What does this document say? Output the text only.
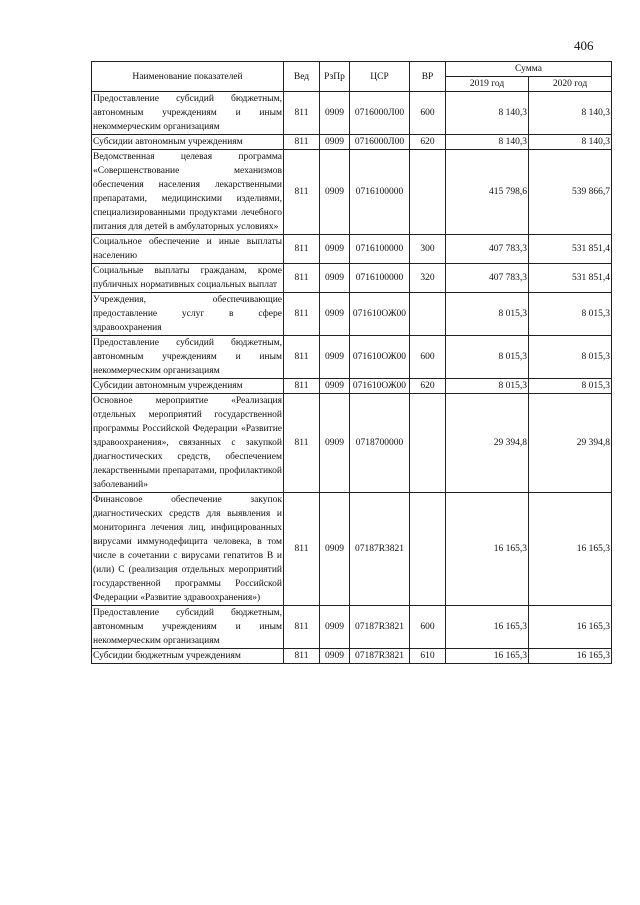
406
Наименование показателей	Вед	РзПр	ЦСР	ВР	Сумма	
					2019 год	2020 год
Предоставление субсидий бюджетным, автономным учреждениям и иным некоммерческим организациям	811	0909	0716000Л00	600	8 140,3	8 140,3
Субсидии автономным учреждениям	811	0909	0716000Л00	620	8 140,3	8 140,3
Ведомственная целевая программа «Совершенствование механизмов обеспечения населения лекарственными препаратами, медицинскими изделиями, специализированными продуктами лечебного питания для детей в амбулаторных условиях»	811	0909	0716100000		415 798,6	539 866,7
Социальное обеспечение и иные выплаты населению	811	0909	0716100000	300	407 783,3	531 851,4
Социальные выплаты гражданам, кроме публичных нормативных социальных выплат	811	0909	0716100000	320	407 783,3	531 851,4
Учреждения, обеспечивающие предоставление услуг в сфере здравоохранения	811	0909	071610ОЖ00		8 015,3	8 015,3
Предоставление субсидий бюджетным, автономным учреждениям и иным некоммерческим организациям	811	0909	071610ОЖ00	600	8 015,3	8 015,3
Субсидии автономным учреждениям	811	0909	071610ОЖ00	620	8 015,3	8 015,3
Основное мероприятие «Реализация отдельных мероприятий государственной программы Российской Федерации «Развитие здравоохранения», связанных с закупкой диагностических средств, обеспечением лекарственными препаратами, профилактикой заболеваний»	811	0909	0718700000		29 394,8	29 394,8
Финансовое обеспечение закупок диагностических средств для выявления и мониторинга лечения лиц, инфицированных вирусами иммунодефицита человека, в том числе в сочетании с вирусами гепатитов В и (или) С (реализация отдельных мероприятий государственной программы Российской Федерации «Развитие здравоохранения»)	811	0909	07187R3821		16 165,3	16 165,3
Предоставление субсидий бюджетным, автономным учреждениям и иным некоммерческим организациям	811	0909	07187R3821	600	16 165,3	16 165,3
Субсидии бюджетным учреждениям	811	0909	07187R3821	610	16 165,3	16 165,3
